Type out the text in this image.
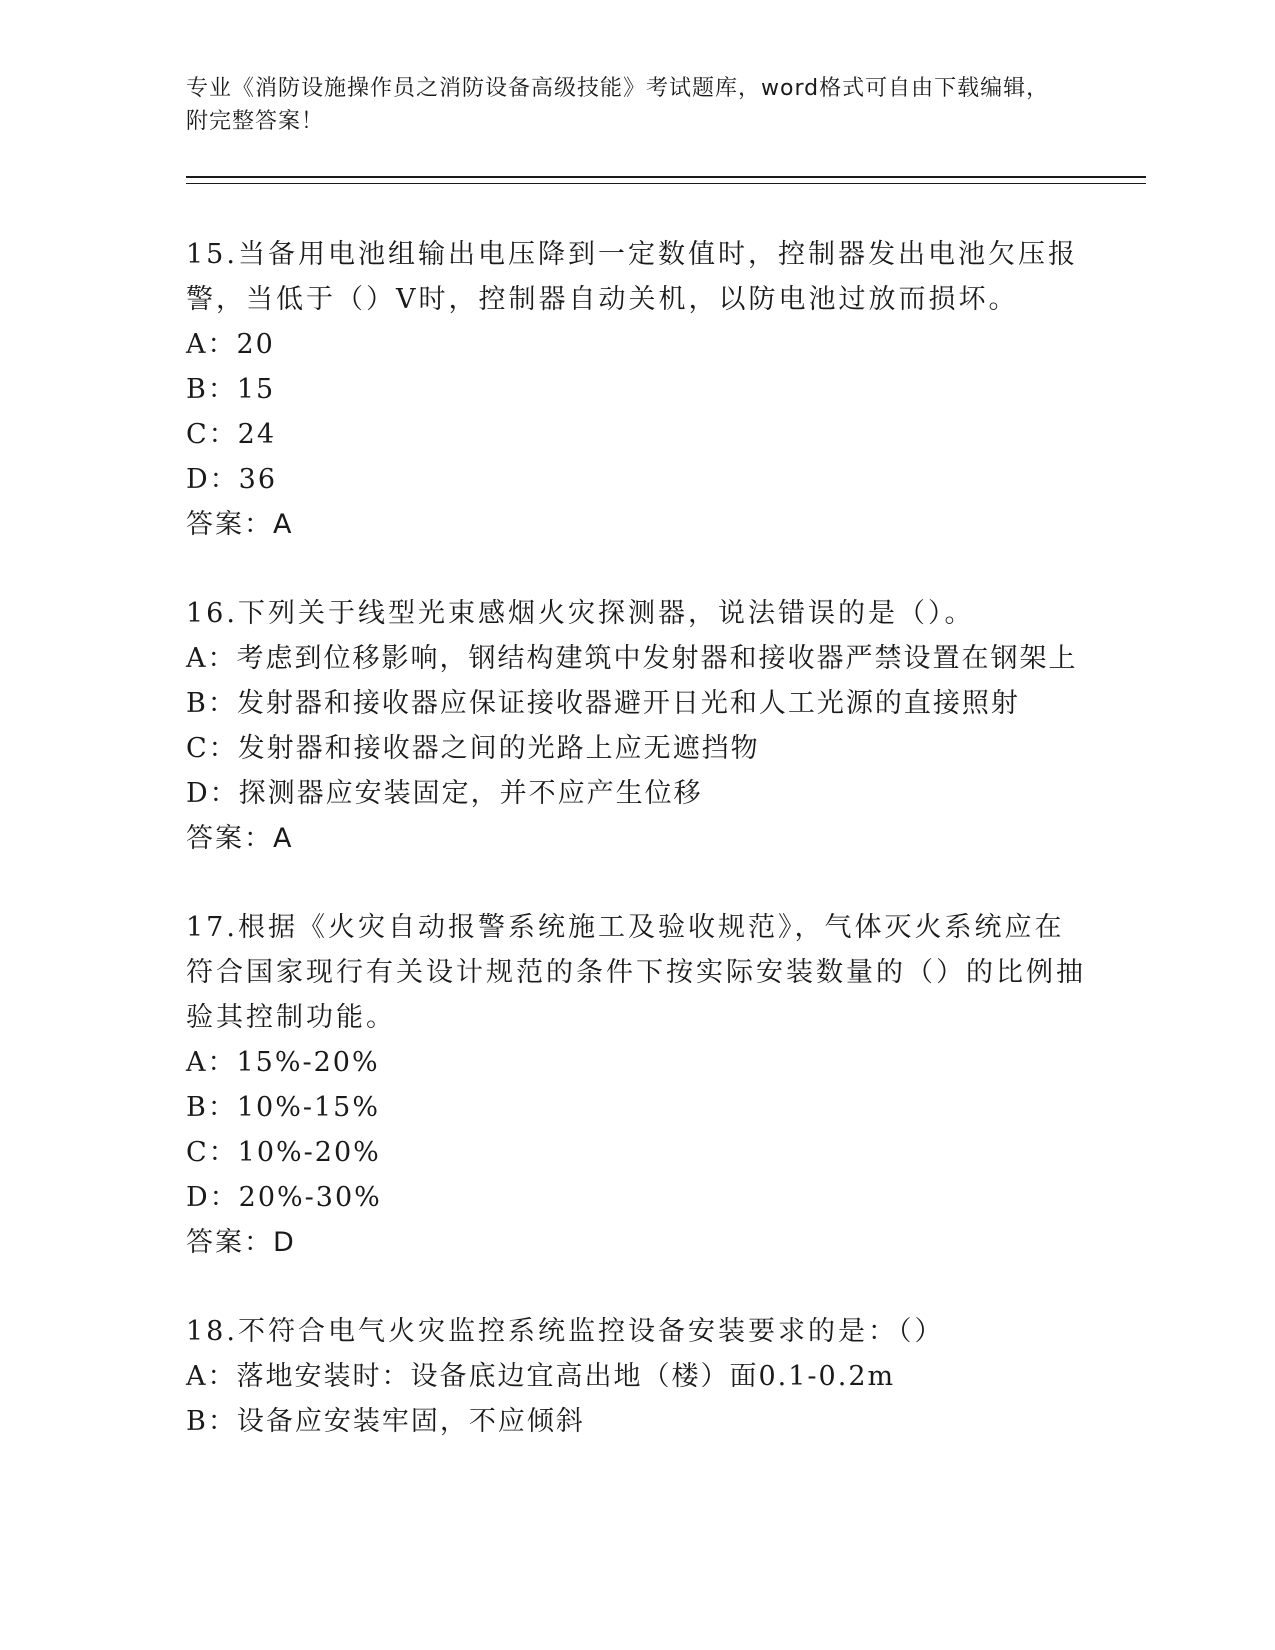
专业《消防设施操作员之消防设备高级技能》考试题库，word格式可自由下载编辑，附完整答案！

15.当备用电池组输出电压降到一定数值时，控制器发出电池欠压报警，当低于（）V时，控制器自动关机，以防电池过放而损坏。

A：20

B：15

C：24

D：36

答案：A

16.下列关于线型光束感烟火灾探测器，说法错误的是（）。

A：考虑到位移影响，钢结构建筑中发射器和接收器严禁设置在钢架上

B：发射器和接收器应保证接收器避开日光和人工光源的直接照射

C：发射器和接收器之间的光路上应无遮挡物

D：探测器应安装固定，并不应产生位移

答案：A

17.根据《火灾自动报警系统施工及验收规范》，气体灭火系统应在符合国家现行有关设计规范的条件下按实际安装数量的（）的比例抽验其控制功能。

A：15%-20%

B：10%-15%

C：10%-20%

D：20%-30%

答案：D

18.不符合电气火灾监控系统监控设备安装要求的是：（）

A：落地安装时：设备底边宜高出地（楼）面0.1-0.2m

B：设备应安装牢固，不应倾斜
